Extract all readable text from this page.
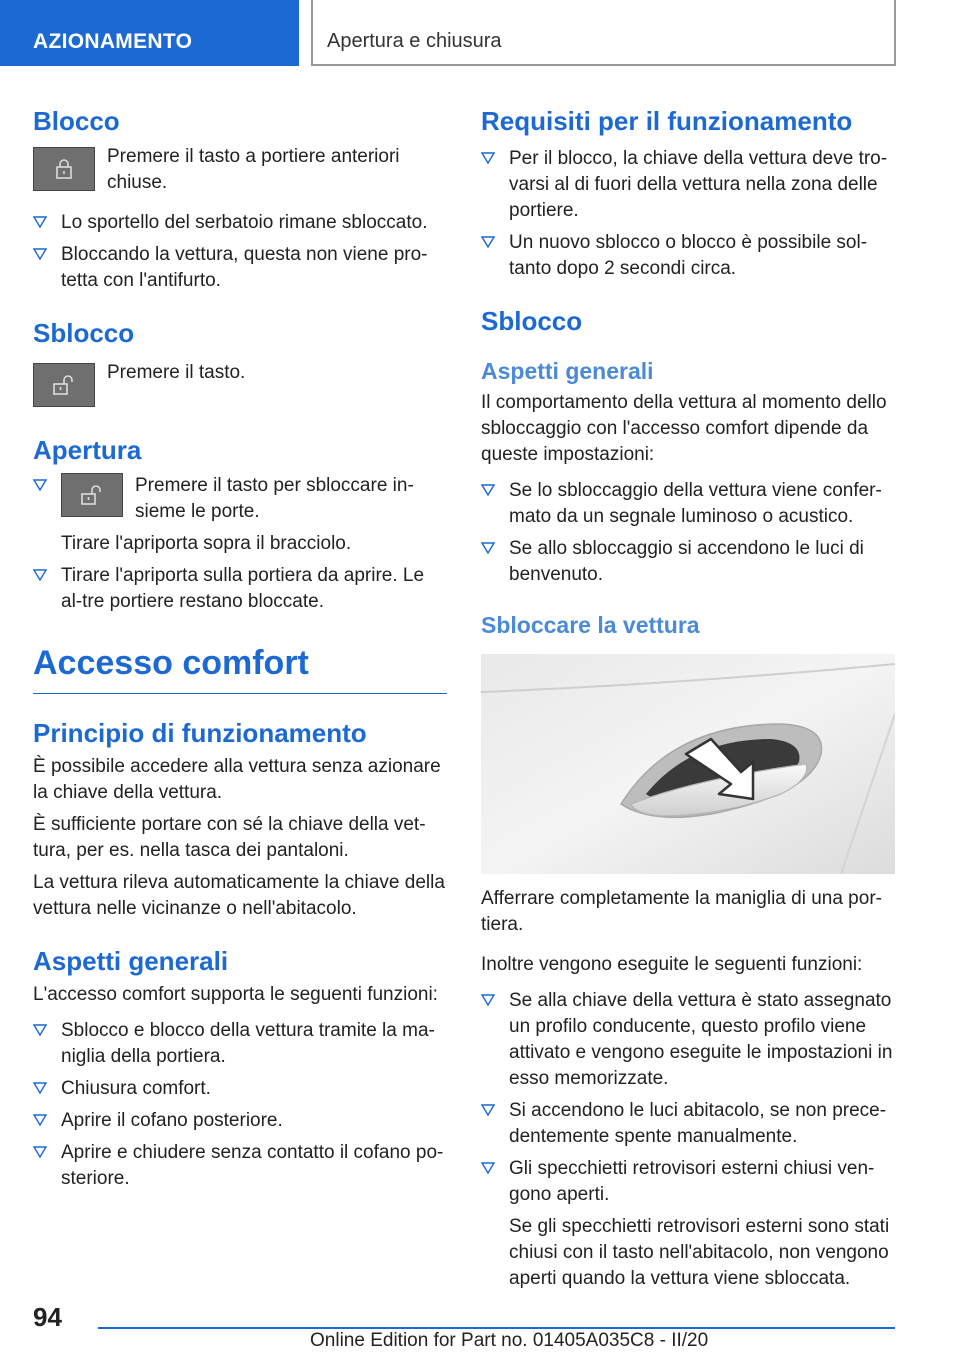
AZIONAMENTO	Apertura e chiusura
Blocco

Premere il tasto a portiere anteriori chiuse.

Lo sportello del serbatoio rimane sbloccato.
Bloccando la vettura, questa non viene pro-tetta con l'antifurto.
Sblocco

Premere il tasto.

Apertura

Premere il tasto per sbloccare in-sieme le porte.

Tirare l'apriporta sopra il bracciolo.

Tirare l'apriporta sulla portiera da aprire. Le al-tre portiere restano bloccate.
Accesso comfort
Principio di funzionamento

È possibile accedere alla vettura senza azionare la chiave della vettura.

È sufficiente portare con sé la chiave della vet-tura, per es. nella tasca dei pantaloni.

La vettura rileva automaticamente la chiave della vettura nelle vicinanze o nell'abitacolo.

Aspetti generali

L'accesso comfort supporta le seguenti funzioni:

Sblocco e blocco della vettura tramite la ma-niglia della portiera.
Chiusura comfort.
Aprire il cofano posteriore.
Aprire e chiudere senza contatto il cofano po-steriore.
Requisiti per il funzionamento
Per il blocco, la chiave della vettura deve tro-varsi al di fuori della vettura nella zona delle portiere.
Un nuovo sblocco o blocco è possibile sol-tanto dopo 2 secondi circa.
Sblocco
Aspetti generali

Il comportamento della vettura al momento dello sbloccaggio con l'accesso comfort dipende da queste impostazioni:

Se lo sbloccaggio della vettura viene confer-mato da un segnale luminoso o acustico.
Se allo sbloccaggio si accendono le luci di benvenuto.
Sbloccare la vettura

Afferrare completamente la maniglia di una por-tiera.

Inoltre vengono eseguite le seguenti funzioni:

Se alla chiave della vettura è stato assegnato un profilo conducente, questo profilo viene attivato e vengono eseguite le impostazioni in esso memorizzate.
Si accendono le luci abitacolo, se non prece-dentemente spente manualmente.
Gli specchietti retrovisori esterni chiusi ven-gono aperti.

Se gli specchietti retrovisori esterni sono stati chiusi con il tasto nell'abitacolo, non vengono aperti quando la vettura viene sbloccata.

94
Online Edition for Part no. 01405A035C8 - II/20
